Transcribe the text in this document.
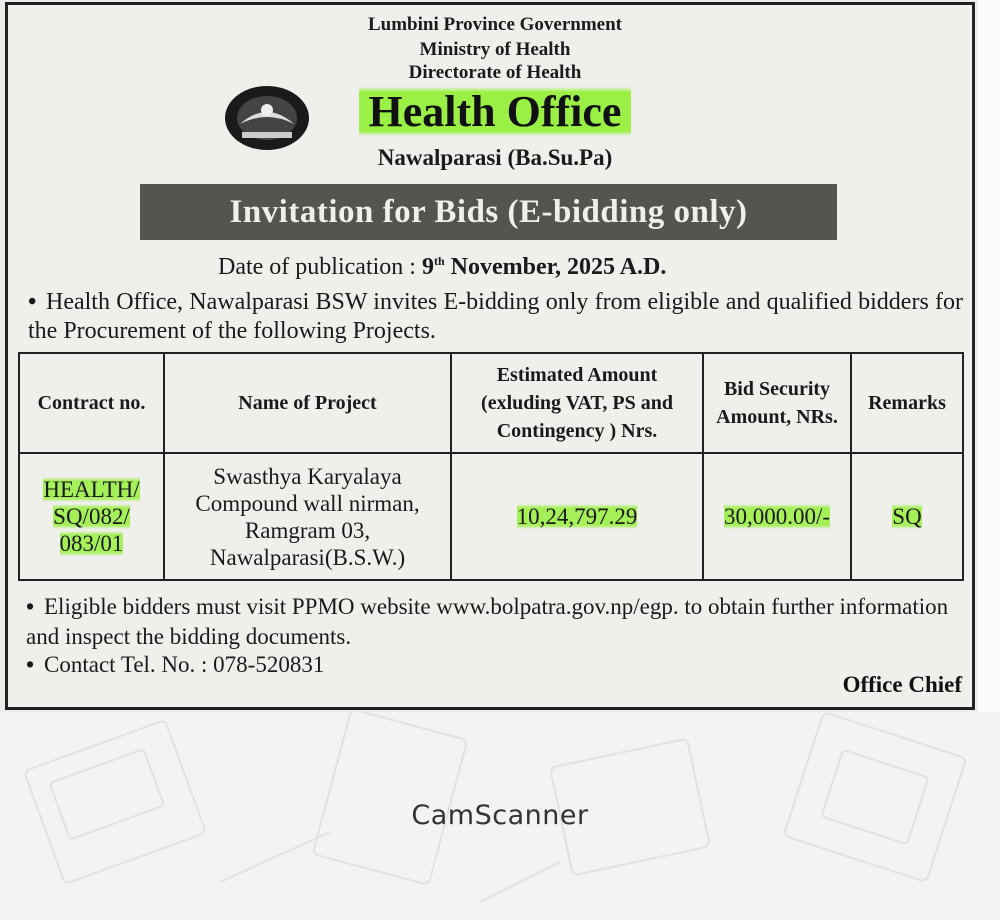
Lumbini Province Government
Ministry of Health
Directorate of Health
Health Office
Nawalparasi (Ba.Su.Pa)
Invitation for Bids (E-bidding only)
Date of publication : 9th November, 2025 A.D.
• Health Office, Nawalparasi BSW invites E-bidding only from eligible and qualified bidders for the Procurement of the following Projects.
Contract no.	Name of Project	Estimated Amount (exluding VAT, PS and Contingency ) Nrs.	Bid Security Amount, NRs.	Remarks
HEALTH/ SQ/082/ 083/01	Swasthya Karyalaya Compound wall nirman, Ramgram 03, Nawalparasi(B.S.W.)	10,24,797.29	30,000.00/-	SQ
• Eligible bidders must visit PPMO website www.bolpatra.gov.np/egp. to obtain further information and inspect the bidding documents.
• Contact Tel. No. : 078-520831
Office Chief
CamScanner
